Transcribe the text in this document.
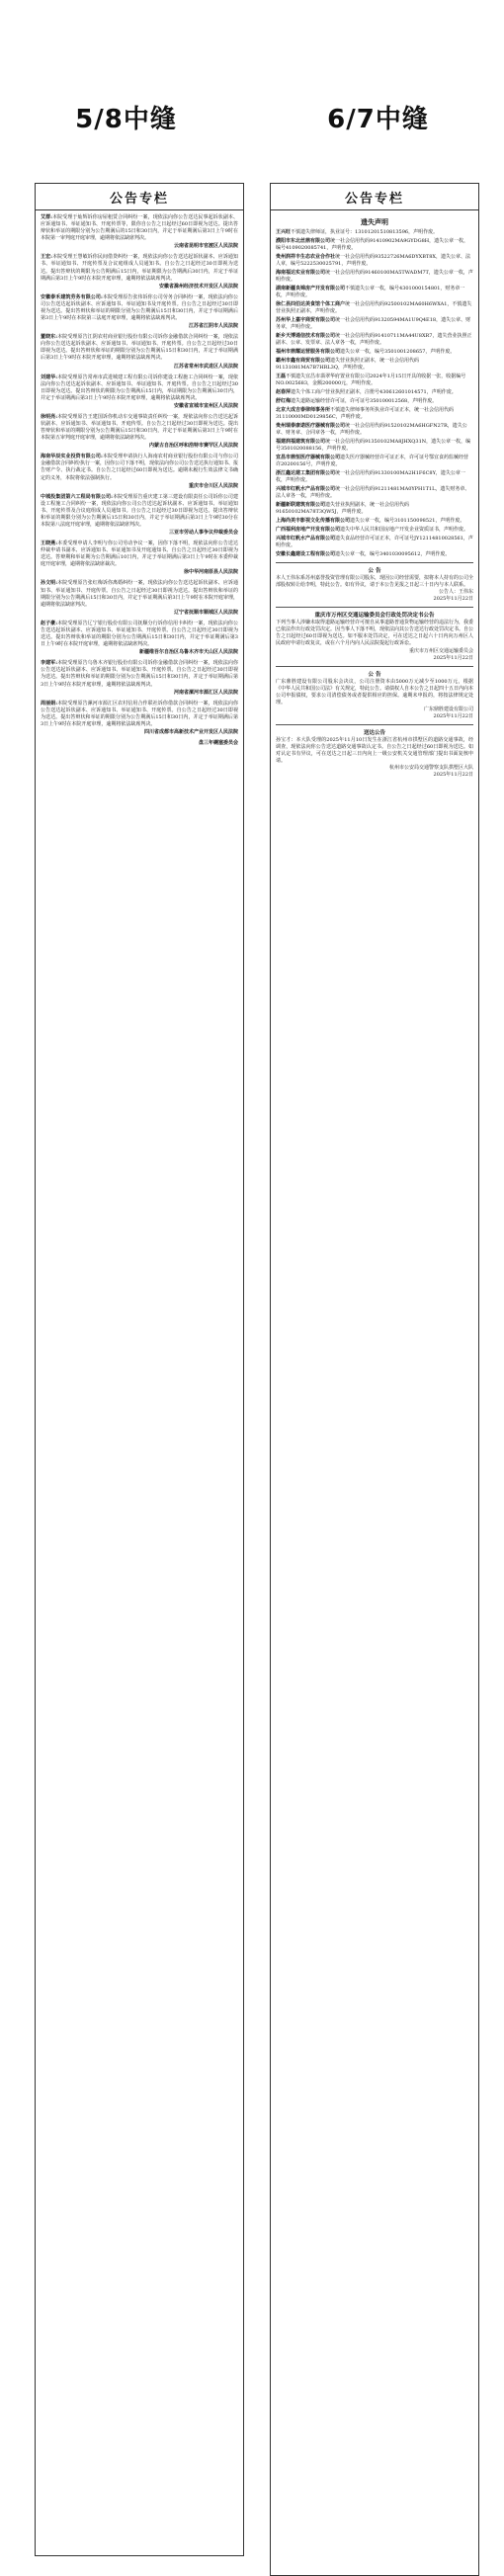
5/8中缝	6/7中缝
公告专栏

艾群:本院受理于灿辉诉你房屋租赁合同纠纷一案，现依法向你公告送达民事起诉状副本、应诉通知书、举证通知书、开庭传票等，限你自公告之日起经过60日即视为送达。提出答辩状和举证的期限分别为公告期满后的15日和30日内，并定于举证期满后第3日上午9时在本院第一审判庭开庭审理，逾期将依法缺席判决。

云南省昆明市官渡区人民法院

王宏:本院受理王慧敏诉你民间借贷纠纷一案，现依法向你公告送达起诉状副本、应诉通知书、举证通知书、开庭传票及合议庭组成人员通知书。自公告之日起经过30日即视为送达。提出答辩状的期限为公告期满后15日内，举证期限为公告期满后30日内，并定于举证期满后第3日上午9时在本院开庭审理，逾期将依法缺席判决。

安徽省滁州经济技术开发区人民法院

安徽泰禾建筑劳务有限公司:本院受理原告张伟诉你公司劳务合同纠纷一案，现依法向你公司公告送达起诉状副本、应诉通知书、举证通知书及开庭传票。自公告之日起经过30日即视为送达。提出答辩状和举证的期限分别为公告期满后15日和30日内，并定于举证期满后第3日上午9时在本院第三法庭开庭审理，逾期将依法缺席判决。

江苏省江阴市人民法院

董晓东:本院受理原告江阴农村商业银行股份有限公司诉你金融借款合同纠纷一案，现依法向你公告送达起诉状副本、应诉通知书、举证通知书、开庭传票。自公告之日起经过30日即视为送达。提出答辩状和举证的期限分别为公告期满后15日和30日内，并定于举证期满后第3日上午9时在本院开庭审理，逾期将依法缺席判决。

江苏省常州市武进区人民法院

刘建华:本院受理原告常州市武进城建工程有限公司诉你建设工程施工合同纠纷一案，现依法向你公告送达起诉状副本、应诉通知书、举证通知书、开庭传票。自公告之日起经过30日即视为送达。提出答辩状的期限为公告期满后15日内，举证期限为公告期满后30日内，并定于举证期满后第3日上午9时在本院开庭审理，逾期将依法缺席判决。

安徽省宣城市宣州区人民法院

徐明亮:本院受理原告王建国诉你机动车交通事故责任纠纷一案，现依法向你公告送达起诉状副本、应诉通知书、举证通知书、开庭传票。自公告之日起经过30日即视为送达。提出答辩状和举证的期限分别为公告期满后15日和30日内，并定于举证期满后第3日上午9时在本院第五审判庭开庭审理，逾期将依法缺席判决。

内蒙古自治区呼和浩特市赛罕区人民法院

海南华辰实业投资有限公司:本院受理申请执行人海南农村商业银行股份有限公司与你公司金融借款合同纠纷执行一案，因你公司下落不明，现依法向你公司公告送达执行通知书、报告财产令、执行裁定书。自公告之日起经过60日即视为送达。逾期未履行生效法律文书确定的义务，本院将依法强制执行。

重庆市合川区人民法院

中城投集团第六工程局有限公司:本院受理原告重庆建工第三建设有限责任公司诉你公司建设工程施工合同纠纷一案，现依法向你公司公告送达起诉状副本、应诉通知书、举证通知书、开庭传票及合议庭组成人员通知书。自公告之日起经过30日即视为送达。提出答辩状和举证的期限分别为公告期满后15日和30日内，并定于举证期满后第3日上午9时30分在本院第八法庭开庭审理，逾期将依法缺席判决。

三亚市劳动人事争议仲裁委员会

王晓燕:本委受理申请人李明与你公司劳动争议一案，因你下落不明，现依法向你公告送达仲裁申请书副本、应诉通知书、举证通知书及开庭通知书。自公告之日起经过30日即视为送达。答辩期和举证期为公告期满后10日内，并定于举证期满后第3日上午9时在本委仲裁庭开庭审理，逾期将依法缺席裁决。

徐中华河南原县人民法院

孙文明:本院受理原告张红梅诉你离婚纠纷一案，现依法向你公告送达起诉状副本、应诉通知书、举证通知书、开庭传票。自公告之日起经过30日即视为送达。提出答辩状和举证的期限分别为公告期满后15日和30日内，并定于举证期满后第3日上午9时在本院开庭审理，逾期将依法缺席判决。

辽宁省抚顺市顺城区人民法院

赵子豪:本院受理原告辽宁银行股份有限公司抚顺分行诉你信用卡纠纷一案，现依法向你公告送达起诉状副本、应诉通知书、举证通知书、开庭传票。自公告之日起经过30日即视为送达。提出答辩状和举证的期限分别为公告期满后15日和30日内，并定于举证期满后第3日上午9时在本院开庭审理，逾期将依法缺席判决。

新疆维吾尔自治区乌鲁木齐市天山区人民法院

李建军:本院受理原告乌鲁木齐银行股份有限公司诉你金融借款合同纠纷一案，现依法向你公告送达起诉状副本、应诉通知书、举证通知书、开庭传票。自公告之日起经过30日即视为送达。提出答辩状和举证的期限分别为公告期满后15日和30日内，并定于举证期满后第3日上午9时在本院开庭审理，逾期将依法缺席判决。

河南省漯河市源汇区人民法院

周丽娟:本院受理原告漯河市源汇区农村信用合作联社诉你借款合同纠纷一案，现依法向你公告送达起诉状副本、应诉通知书、举证通知书、开庭传票。自公告之日起经过30日即视为送达。提出答辩状和举证的期限分别为公告期满后15日和30日内，并定于举证期满后第3日上午9时在本院开庭审理，逾期将依法缺席判决。

四川省成都市高新技术产业开发区人民法院
盘三年樾塞委员会
公告专栏
遗失声明
王兴旺不慎遗失律师证，执业证号：13101201510813596，声明作废。
濮阳市东北丝鼎有限公司统一社会信用代码91410902MA9GYDG8H，遗失公章一枚，编号4109020085741，声明作废。
贵州润祥丰生态农业合作社统一社会信用代码93522726MA6DYXBT8X，遗失公章、法人章，编号5222530025791，声明作废。
海南福达实业有限公司统一社会信用代码91460100MA5TWADM7T，遗失公章一枚，声明作废。
湖南新疆良锦房产开发有限公司不慎遗失公章一枚，编号4301000154801，财务章一枚，声明作废。
徐仁县四伯达美食馆个体工商户统一社会信用代码92500102MA60H6WXA1，不慎遗失营业执照正副本，声明作废。
苏州华上嘉宇商贸有限公司统一社会信用代码91320594MA1U9Q4E18，遗失公章、财务章，声明作废。
新乡天博通信技术有限公司统一社会信用代码91410711MA44U8XR7，遗失营业执照正副本、公章、发票章、法人章各一枚，声明作废。
福州市鼎耀运营服务有限公司遗失公章一枚，编号3501001208657，声明作废。
霸州市鑫有商贸有限公司遗失营业执照正副本，统一社会信用代码91131081MA7B7HRL3Q，声明作废。
王磊不慎遗失宜昌市翡翠华府置业有限公司2024年1月15日开具的收据一张，收据编号NO.0025683，金额200000元，声明作废。
赵春萍遗失个体工商户营业执照正副本，注册号430612601014571，声明作废。
舒红梅遗失道路运输经营许可证，许可证号350100012568，声明作废。
北京大成吉泰律师事务所不慎遗失律师事务所执业许可证正本，统一社会信用代码31110000MD0129856C，声明作废。
贵州瑞泰康诺医疗器械有限公司统一社会信用代码91520102MA6HGFN27R，遗失公章、财务章、合同章各一枚，声明作废。
福建润福建筑有限公司统一社会信用代码91350102MA8JHXQ31N，遗失公章一枚，编号3501020088156，声明作废。
宜昌市鼎恒医疗器械有限公司遗失医疗器械经营许可证正本，许可证号鄂宜食药监械经营许20200156号，声明作废。
浙江鑫达建工集团有限公司统一社会信用代码91330100MA2H1F6C8Y，遗失公章一枚，声明作废。
兴城市红帆水产品有限公司统一社会信用代码91211481MA0YPH1T1L，遗失财务章、法人章各一枚，声明作废。
新疆新联建筑有限公司遗失营业执照副本，统一社会信用代码91650102MA78T3QW5J，声明作废。
上海尚美丰影视文化传播有限公司遗失公章一枚，编号3101150098521，声明作废。
广西福利房地产开发有限公司遗失中华人民共和国房地产开发企业资质证书，声明作废。
兴城市红帆水产品有限公司遗失食品经营许可证正本，许可证号JY12114810028561，声明作废。
安徽长鑫建设工程有限公司遗失公章一枚，编号3401030095612，声明作废。
公 告

本人王伟东系苏州嘉誉投资管理有限公司股东，现因公司经营需要，拟将本人持有的公司全部股权转让给李明，特此公告。如有异议，请于本公告见报之日起三十日内与本人联系。

公告人：王伟东
2025年11月22日
重庆市万州区交通运输委员会行政处罚决定书公告

下列当事人涉嫌未取得道路运输经营许可擅自从事道路普通货物运输经营的违法行为，我委已依法作出行政处罚决定。因当事人下落不明，现依法向其公告送达行政处罚决定书。自公告之日起经过60日即视为送达。如不服本处罚决定，可在送达之日起六十日内向万州区人民政府申请行政复议，或在六个月内向人民法院提起行政诉讼。

重庆市万州区交通运输委员会
2025年11月22日
公 告

广东鼎胜建设有限公司股东会决议，公司注册资本由5000万元减少至1000万元，根据《中华人民共和国公司法》有关规定，特此公告。请债权人自本公告之日起四十五日内向本公司申报债权，要求公司清偿债务或者提供相应的担保。逾期未申报的，将按法律规定处理。

广东鼎胜建设有限公司
2025年11月22日
送达公告

孙宝才：本大队受理的2025年11月10日发生在浙江省杭州市拱墅区的道路交通事故，经调查，现依法向你公告送达道路交通事故认定书。自公告之日起经过60日即视为送达。如对认定书有异议，可在送达之日起三日内向上一级公安机关交通管理部门提出书面复核申请。

杭州市公安局交通警察支队拱墅区大队
2025年11月22日
